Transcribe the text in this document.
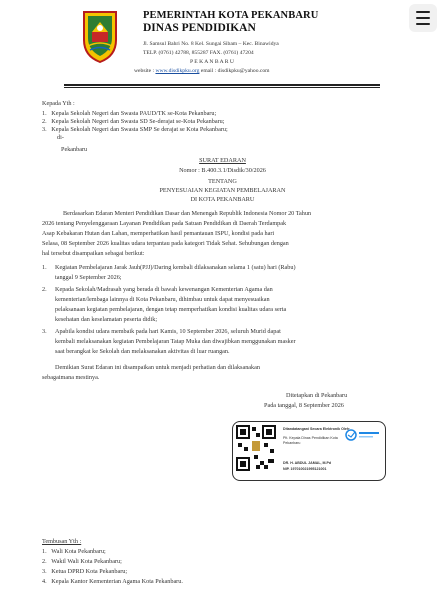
PEMERINTAH KOTA PEKANBARU
DINAS PENDIDIKAN
Jl. Samsul Bahri No. 8 Kel. Sungai Sibam – Kec. Binawidya
TELP. (0761) 42788, 855287 FAX. (0761) 47204
P E K A N B A R U
website : www.disdikpku.org email : disdikpku@yahoo.com
Kepada Yth :
1.   Kepala Sekolah Negeri dan Swasta PAUD/TK se-Kota Pekanbaru;
2.   Kepala Sekolah Negeri dan Swasta SD Se-derajat se-Kota Pekanbaru;
3.   Kepala Sekolah Negeri dan Swasta SMP Se derajat se Kota Pekanbaru;
di-
Pekanbaru
SURAT EDARAN
Nomor : B.400.3.1/Disdik/30/2026
TENTANG
PENYESUAIAN KEGIATAN PEMBELAJARAN
DI KOTA PEKANBARU
Berdasarkan Edaran Menteri Pendidikan Dasar dan Menengah Republik Indonesia Nomor 20 Tahun
2026 tentang Penyelenggaraan Layanan Pendidikan pada Satuan Pendidikan di Daerah Terdampak
Asap Kebakaran Hutan dan Lahan, memperhatikan hasil pemantauan ISPU, kondisi pada hari
Selasa, 08 September 2026 kualitas udara terpantau pada kategori Tidak Sehat. Sehubungan dengan
hal tersebut disampaikan sebagai berikut:
1. Kegiatan Pembelajaran Jarak Jauh(PJJ)/Daring kembali dilaksanakan selama 1 (satu) hari (Rabu)
tanggal 9 September 2026;
2. Kepada Sekolah/Madrasah yang berada di bawah kewenangan Kementerian Agama dan
kementerian/lembaga lainnya di Kota Pekanbaru, dihimbau untuk dapat menyesuaikan
pelaksanaan kegiatan pembelajaran, dengan tetap memperhatikan kondisi kualitas udara serta
kesehatan dan keselamatan peserta didik;
3. Apabila kondisi udara membaik pada hari Kamis, 10 September 2026, seluruh Murid dapat
kembali melaksanakan kegiatan Pembelajaran Tatap Muka dan diwajibkan menggunakan masker
saat berangkat ke Sekolah dan melaksanakan aktivitas di luar ruangan.
Demikian Surat Edaran ini disampaikan untuk menjadi perhatian dan dilaksanakan
sebagaimana mestinya.
Ditetapkan di Pekanbaru
Pada tanggal, 8 September 2026
Ditandatangani Secara Elektronik Oleh:
Plt. Kepala Dinas Pendidikan Kota
Pekanbaru
DR. H. ABDUL JAMAL, M.Pd
NIP. 197010021995121001
Tembusan Yth :
1.   Wali Kota Pekanbaru;
2.   Wakil Wali Kota Pekanbaru;
3.   Ketua DPRD Kota Pekanbaru;
4.   Kepala Kantor Kementerian Agama Kota Pekanbaru.
